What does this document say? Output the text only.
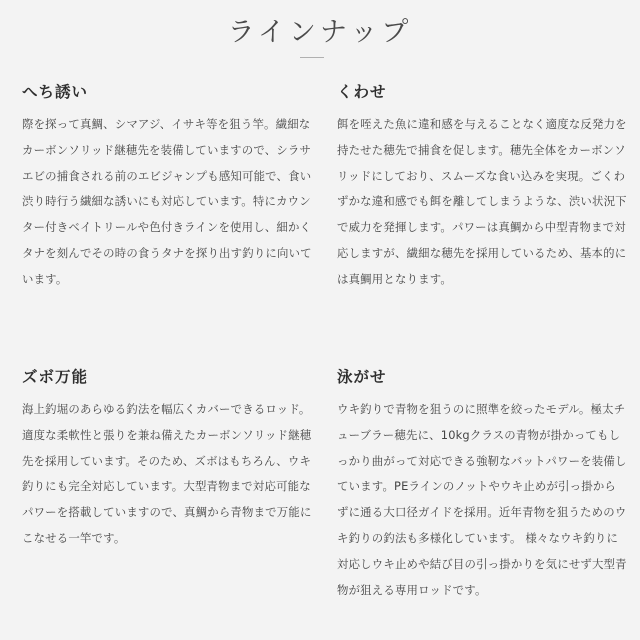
ラインナップ
へち誘い

際を探って真鯛、シマアジ、イサキ等を狙う竿。繊細なカーボンソリッド継穂先を装備していますので、シラサエビの捕食される前のエビジャンプも感知可能で、食い渋り時行う繊細な誘いにも対応しています。特にカウンター付きベイトリールや色付きラインを使用し、細かくタナを刻んでその時の食うタナを探り出す釣りに向いています。

くわせ

餌を咥えた魚に違和感を与えることなく適度な反発力を持たせた穂先で捕食を促します。穂先全体をカーボンソリッドにしており、スムーズな食い込みを実現。ごくわずかな違和感でも餌を離してしまうような、渋い状況下で威力を発揮します。パワーは真鯛から中型青物まで対応しますが、繊細な穂先を採用しているため、基本的には真鯛用となります。

ズボ万能

海上釣堀のあらゆる釣法を幅広くカバーできるロッド。適度な柔軟性と張りを兼ね備えたカーボンソリッド継穂先を採用しています。そのため、ズボはもちろん、ウキ釣りにも完全対応しています。大型青物まで対応可能なパワーを搭載していますので、真鯛から青物まで万能にこなせる一竿です。

泳がせ

ウキ釣りで青物を狙うのに照準を絞ったモデル。極太チューブラー穂先に、10kgクラスの青物が掛かってもしっかり曲がって対応できる強靭なバットパワーを装備しています。PEラインのノットやウキ止めが引っ掛からずに通る大口径ガイドを採用。近年青物を狙うためのウキ釣りの釣法も多様化しています。 様々なウキ釣りに対応しウキ止めや結び目の引っ掛かりを気にせず大型青物が狙える専用ロッドです。
